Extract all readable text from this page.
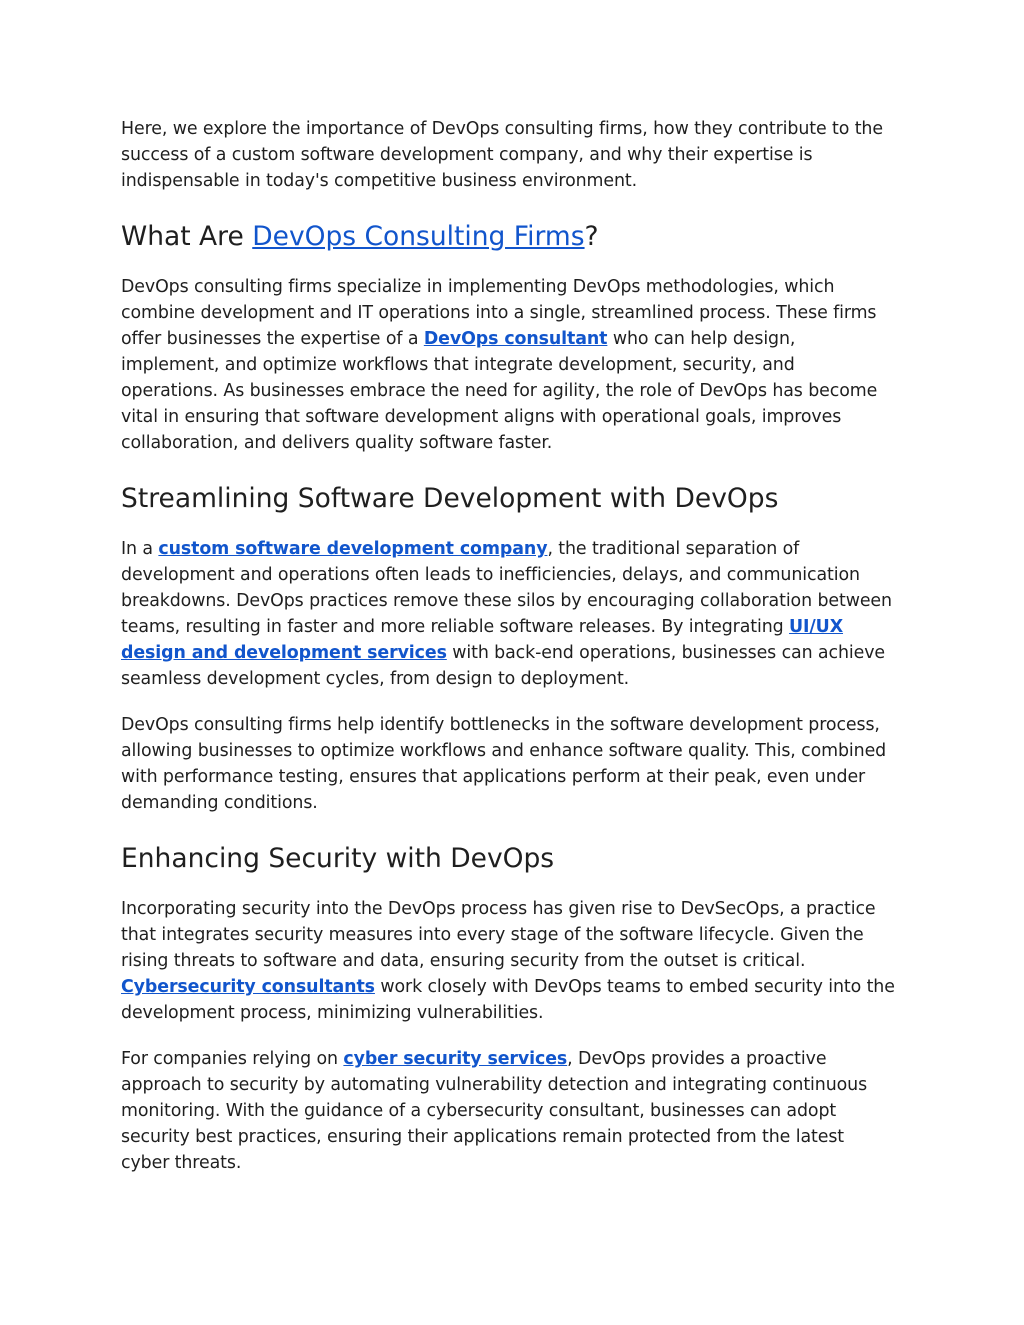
Here, we explore the importance of DevOps consulting firms, how they contribute to the success of a custom software development company, and why their expertise is indispensable in today's competitive business environment.

What Are DevOps Consulting Firms?

DevOps consulting firms specialize in implementing DevOps methodologies, which combine development and IT operations into a single, streamlined process. These firms offer businesses the expertise of a DevOps consultant who can help design, implement, and optimize workflows that integrate development, security, and operations. As businesses embrace the need for agility, the role of DevOps has become vital in ensuring that software development aligns with operational goals, improves collaboration, and delivers quality software faster.

Streamlining Software Development with DevOps

In a custom software development company, the traditional separation of development and operations often leads to inefficiencies, delays, and communication breakdowns. DevOps practices remove these silos by encouraging collaboration between teams, resulting in faster and more reliable software releases. By integrating UI/UX design and development services with back-end operations, businesses can achieve seamless development cycles, from design to deployment.

DevOps consulting firms help identify bottlenecks in the software development process, allowing businesses to optimize workflows and enhance software quality. This, combined with performance testing, ensures that applications perform at their peak, even under demanding conditions.

Enhancing Security with DevOps

Incorporating security into the DevOps process has given rise to DevSecOps, a practice that integrates security measures into every stage of the software lifecycle. Given the rising threats to software and data, ensuring security from the outset is critical. Cybersecurity consultants work closely with DevOps teams to embed security into the development process, minimizing vulnerabilities.

For companies relying on cyber security services, DevOps provides a proactive approach to security by automating vulnerability detection and integrating continuous monitoring. With the guidance of a cybersecurity consultant, businesses can adopt security best practices, ensuring their applications remain protected from the latest cyber threats.
